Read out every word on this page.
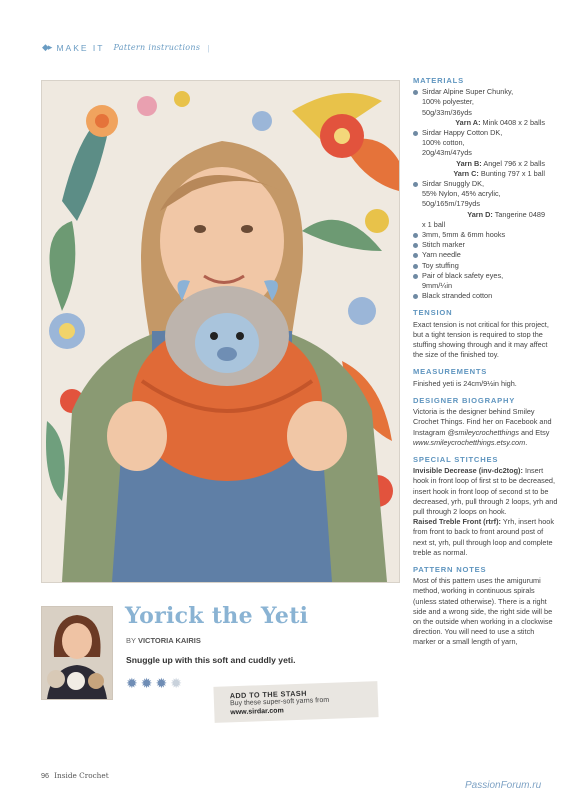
◆▸ MAKE IT Pattern instructions |
MATERIALS
Sirdar Alpine Super Chunky,
100% polyester,
50g/33m/36yds

Yarn A: Mink 0408 x 2 balls
Sirdar Happy Cotton DK,
100% cotton,
20g/43m/47yds

Yarn B: Angel 796 x 2 balls
Yarn C: Bunting 797 x 1 ball
Sirdar Snuggly DK,
55% Nylon, 45% acrylic,
50g/165m/179yds

Yarn D: Tangerine 0489
x 1 ball
3mm, 5mm & 6mm hooks
Stitch marker
Yarn needle
Toy stuffing
Pair of black safety eyes,
9mm/¼in
Black stranded cotton
TENSION

Exact tension is not critical for this project, but a tight tension is required to stop the stuffing showing through and it may affect the size of the finished toy.

MEASUREMENTS

Finished yeti is 24cm/9½in high.

DESIGNER BIOGRAPHY

Victoria is the designer behind Smiley Crochet Things. Find her on Facebook and Instagram @smileycrochetthings and Etsy www.smileycrochetthings.etsy.com.

SPECIAL STITCHES

Invisible Decrease (inv-dc2tog): Insert hook in front loop of first st to be decreased, insert hook in front loop of second st to be decreased, yrh, pull through 2 loops, yrh and pull through 2 loops on hook.

Raised Treble Front (rtrf): Yrh, insert hook from front to back to front around post of next st, yrh, pull through loop and complete treble as normal.

PATTERN NOTES

Most of this pattern uses the amigurumi method, working in continuous spirals (unless stated otherwise). There is a right side and a wrong side, the right side will be on the outside when working in a clockwise direction. You will need to use a stitch marker or a small length of yarn,

Yorick the Yeti
BY VICTORIA KAIRIS
Snuggle up with this soft and cuddly yeti.
✹ ✹ ✹ ✹
ADD TO THE STASH
Buy these super-soft yarns from
www.sirdar.com
96 Inside Crochet
PassionForum.ru
